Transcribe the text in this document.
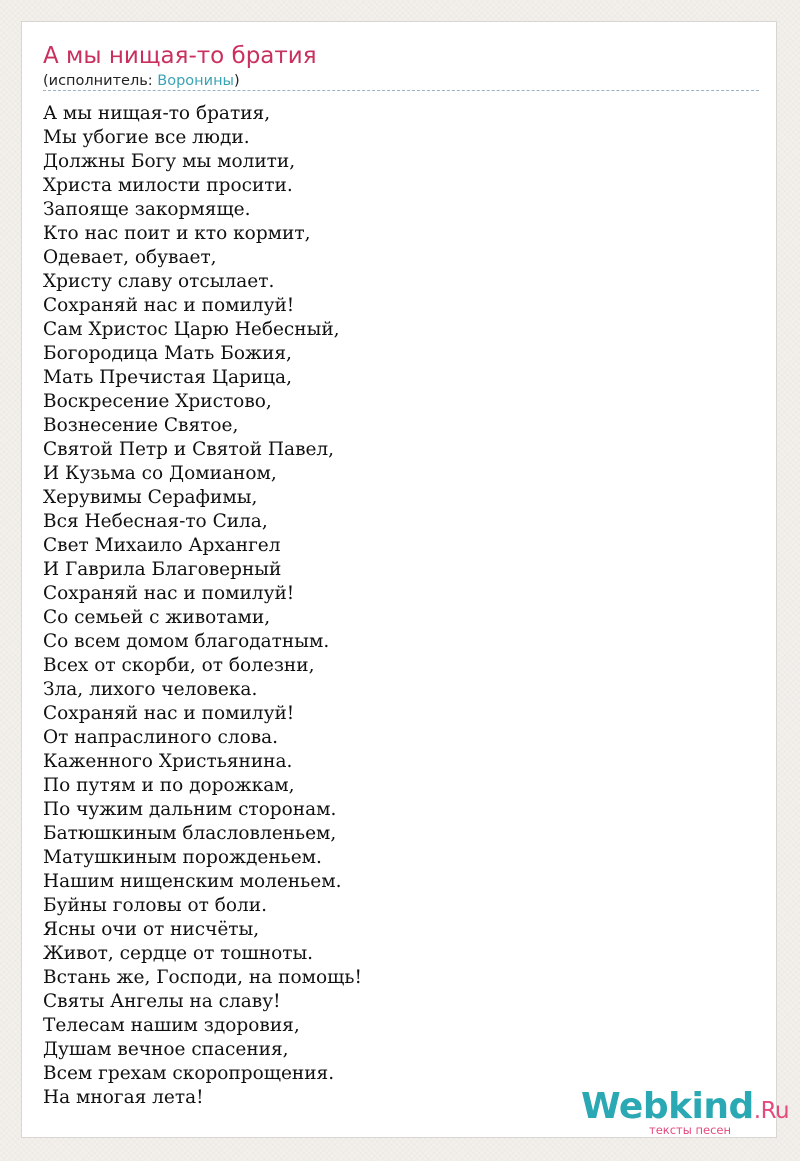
А мы нищая-то братия
(исполнитель: Воронины)
А мы нищая-то братия,
Мы убогие все люди.
Должны Богу мы молити,
Христа милости просити.
Запояще закормяще.
Кто нас поит и кто кормит,
Одевает, обувает,
Христу славу отсылает.
Сохраняй нас и помилуй!
Сам Христос Царю Небесный,
Богородица Мать Божия,
Мать Пречистая Царица,
Воскресение Христово,
Вознесение Святое,
Святой Петр и Святой Павел,
И Кузьма со Домианом,
Херувимы Серафимы,
Вся Небесная-то Сила,
Свет Михаило Архангел
И Гаврила Благоверный
Сохраняй нас и помилуй!
Со семьей с животами,
Со всем домом благодатным.
Всех от скорби, от болезни,
Зла, лихого человека.
Сохраняй нас и помилуй!
От напраслиного слова.
Каженного Христьянина.
По путям и по дорожкам,
По чужим дальним сторонам.
Батюшкиным бласловленьем,
Матушкиным порожденьем.
Нашим нищенским моленьем.
Буйны головы от боли.
Ясны очи от нисчёты,
Живот, сердце от тошноты.
Встань же, Господи, на помощь!
Святы Ангелы на славу!
Телесам нашим здоровия,
Душам вечное спасения,
Всем грехам скоропрощения.
На многая лета!	Webkind.Ru
тексты песен
